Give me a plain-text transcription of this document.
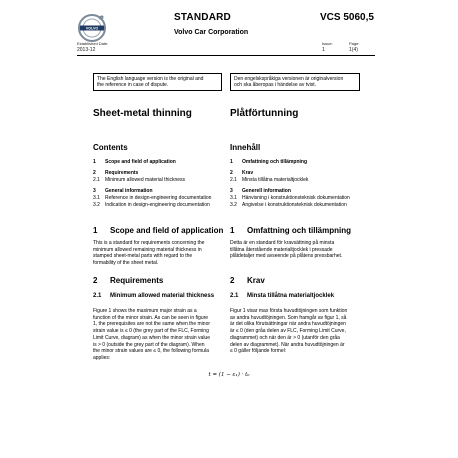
VOLVO
STANDARD	VCS 5060,5
Volvo Car Corporation
Established Date:
2013-12
Issue:
1
Page:
1(4)
The English language version is the original and
the reference in case of dispute.
Den engelskspråkiga versionen är originalversion
och ska åberopas i händelse av tvist.
Sheet-metal thinning	Plåtförtunning
Contents	Innehåll
1 Scope and field of application
2 Requirements
2.1 Minimum allowed material thickness
3 General information
3.1 Reference in design-engineering documentation
3.2 Indication in design-engineering documentation
1 Omfattning och tillämpning
2 Krav
2.1 Minsta tillåtna materialtjocklek
3 Generell information
3.1 Hänvisning i konstruktionsteknisk dokumentation
3.2 Angivelse i konstruktionsteknisk dokumentation
1 Scope and field of application 1 Omfattning och tillämpning
This is a standard for requirements concerning the
minimum allowed remaining material thickness in
stamped sheet-metal parts with regard to the
formability of the sheet metal.
Detta är en standard för kravsättning på minsta
tillåtna återstående materialtjocklek i pressade
plåtdetaljer med avseende på plåtens pressbarhet.
2 Requirements	2 Krav
2.1 Minimum allowed material thickness	2.1 Minsta tillåtna materialtjocklek
Figure 1 shows the maximum major strain as a
function of the minor strain. As can be seen in figure
1, the prerequisites are not the same when the minor
strain value is ≤ 0 (the grey part of the FLC, Forming
Limit Curve, diagram) as when the minor strain value
is > 0 (outside the grey part of the diagram). When
the minor strain values are ≤ 0, the following formula
applies:
Figur 1 visar max första huvudtöjningen som funktion
av andra huvudtöjningen. Som framgår av figur 1, så
är det olika förutsättningar när andra huvudtöjningen
är ≤ 0 (den gråa delen av FLC, Forming Limit Curve,
diagrammet) och när den är > 0 (utanför den gråa
delen av diagrammet). När andra huvudtöjningen är
≤ 0 gäller följande formel:
t = (1 − ε₁) · t₀
